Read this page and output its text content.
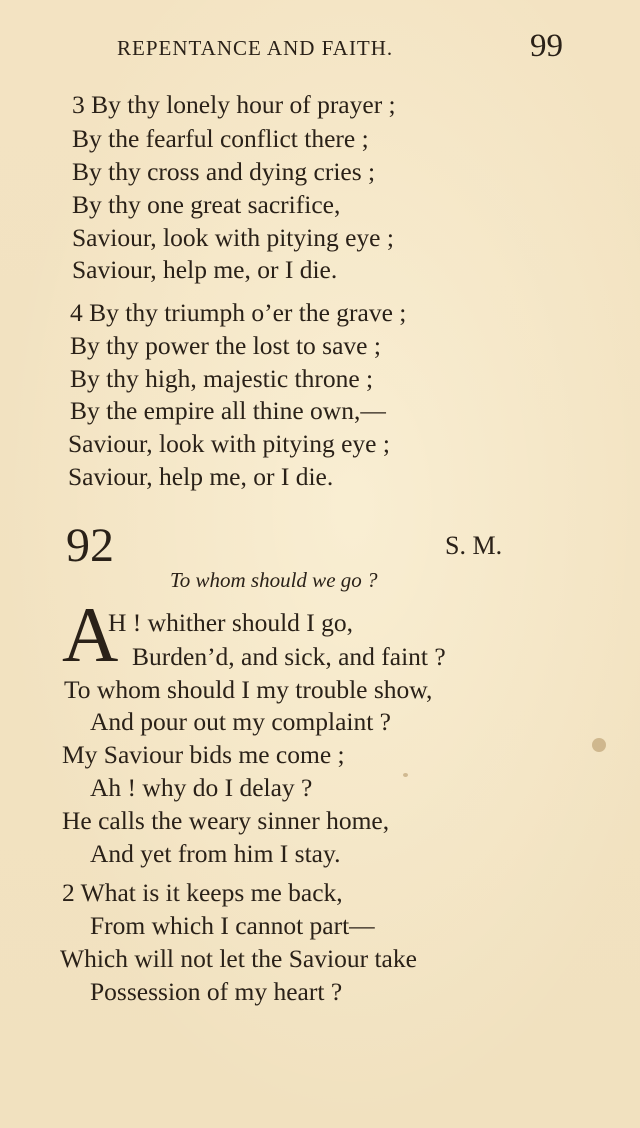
REPENTANCE AND FAITH.	99
3 By thy lonely hour of prayer ;
By the fearful conflict there ;
By thy cross and dying cries ;
By thy one great sacrifice,
Saviour, look with pitying eye ;
Saviour, help me, or I die.
4 By thy triumph o’er the grave ;
By thy power the lost to save ;
By thy high, majestic throne ;
By the empire all thine own,—
Saviour, look with pitying eye ;
Saviour, help me, or I die.
92	S. M.
To whom should we go ?
A
H ! whither should I go,
Burden’d, and sick, and faint ?
To whom should I my trouble show,
And pour out my complaint ?
My Saviour bids me come ;
Ah ! why do I delay ?
He calls the weary sinner home,
And yet from him I stay.
2 What is it keeps me back,
From which I cannot part—
Which will not let the Saviour take
Possession of my heart ?
